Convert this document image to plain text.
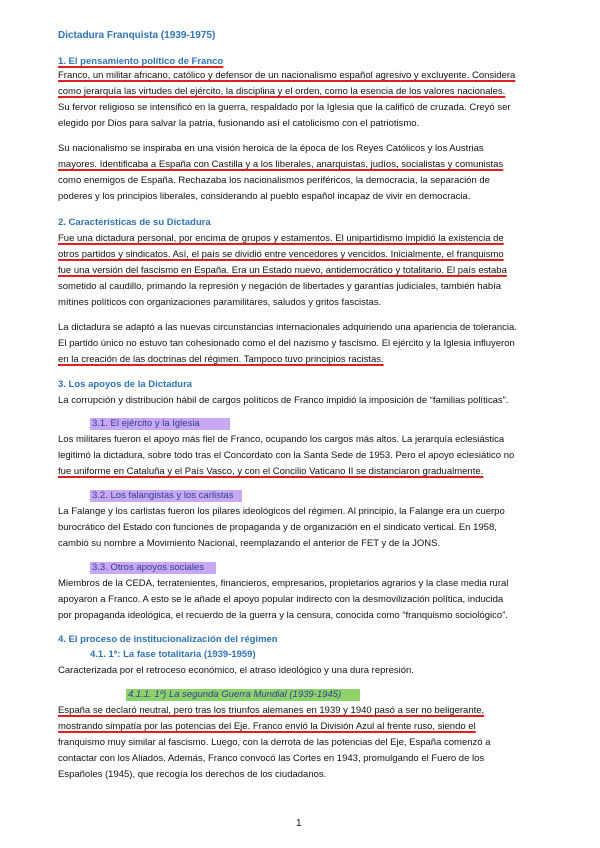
Dictadura Franquista (1939-1975)
1. El pensamiento político de Franco
Franco, un militar africano, católico y defensor de un nacionalismo español agresivo y excluyente. Considera
como jerarquía las virtudes del ejército, la disciplina y el orden, como la esencia de los valores nacionales.
Su fervor religioso se intensificó en la guerra, respaldado por la Iglesia que la calificó de cruzada. Creyó ser
elegido por Dios para salvar la patria, fusionando así el catolicismo con el patriotismo.
Su nacionalismo se inspiraba en una visión heroica de la época de los Reyes Católicos y los Austrias
mayores. Identificaba a España con Castilla y a los liberales, anarquistas, judíos, socialistas y comunistas
como enemigos de España. Rechazaba los nacionalismos periféricos, la democracia, la separación de
poderes y los principios liberales, considerando al pueblo español incapaz de vivir en democracia.
2. Características de su Dictadura
Fue una dictadura personal, por encima de grupos y estamentos. El unipartidismo impidió la existencia de
otros partidos y sindicatos. Así, el país se dividió entre vencedores y vencidos. Inicialmente, el franquismo
fue una versión del fascismo en España. Era un Estado nuevo, antidemocrático y totalitario. El país estaba
sometido al caudillo, primando la represión y negación de libertades y garantías judiciales, también había
mítines políticos con organizaciones paramilitares, saludos y gritos fascistas.
La dictadura se adaptó a las nuevas circunstancias internacionales adquiriendo una apariencia de tolerancia.
El partido único no estuvo tan cohesionado como el del nazismo y fascismo. El ejército y la Iglesia influyeron
en la creación de las doctrinas del régimen. Tampoco tuvo principios racistas.
3. Los apoyos de la Dictadura
La corrupción y distribución hábil de cargos políticos de Franco impidió la imposición de “familias políticas”.
3.1. El ejército y la Iglesia
Los militares fueron el apoyo más fiel de Franco, ocupando los cargos más altos. La jerarquía eclesiástica
legitimó la dictadura, sobre todo tras el Concordato con la Santa Sede de 1953. Pero el apoyo eclesiático no
fue uniforme en Cataluña y el País Vasco, y con el Concilio Vaticano II se distanciaron gradualmente.
3.2. Los falangistas y los carlistas
La Falange y los carlistas fueron los pilares ideológicos del régimen. Al principio, la Falange era un cuerpo
burocrático del Estado con funciones de propaganda y de organización en el sindicato vertical. En 1958,
cambió su nombre a Movimiento Nacional, reemplazando el anterior de FET y de la JONS.
3.3. Otros apoyos sociales
Miembros de la CEDA, terratenientes, financieros, empresarios, propietarios agrarios y la clase media rural
apoyaron a Franco. A esto se le añade el apoyo popular indirecto con la desmovilización política, inducida
por propaganda ideológica, el recuerdo de la guerra y la censura, conocida como “franquismo sociológico”.
4. El proceso de institucionalización del régimen
4.1. 1ª: La fase totalitaria (1939-1959)
Caracterizada por el retroceso económico, el atraso ideológico y una dura represión.
4.1.1. 1º) La segunda Guerra Mundial (1939-1945)
España se declaró neutral, pero tras los triunfos alemanes en 1939 y 1940 pasó a ser no beligerante,
mostrando simpatía por las potencias del Eje. Franco envió la División Azul al frente ruso, siendo el
franquismo muy similar al fascismo. Luego, con la derrota de las potencias del Eje, España comenzó a
contactar con los Aliados. Además, Franco convocó las Cortes en 1943, promulgando el Fuero de los
Españoles (1945), que recogía los derechos de los ciudadanos.
1
